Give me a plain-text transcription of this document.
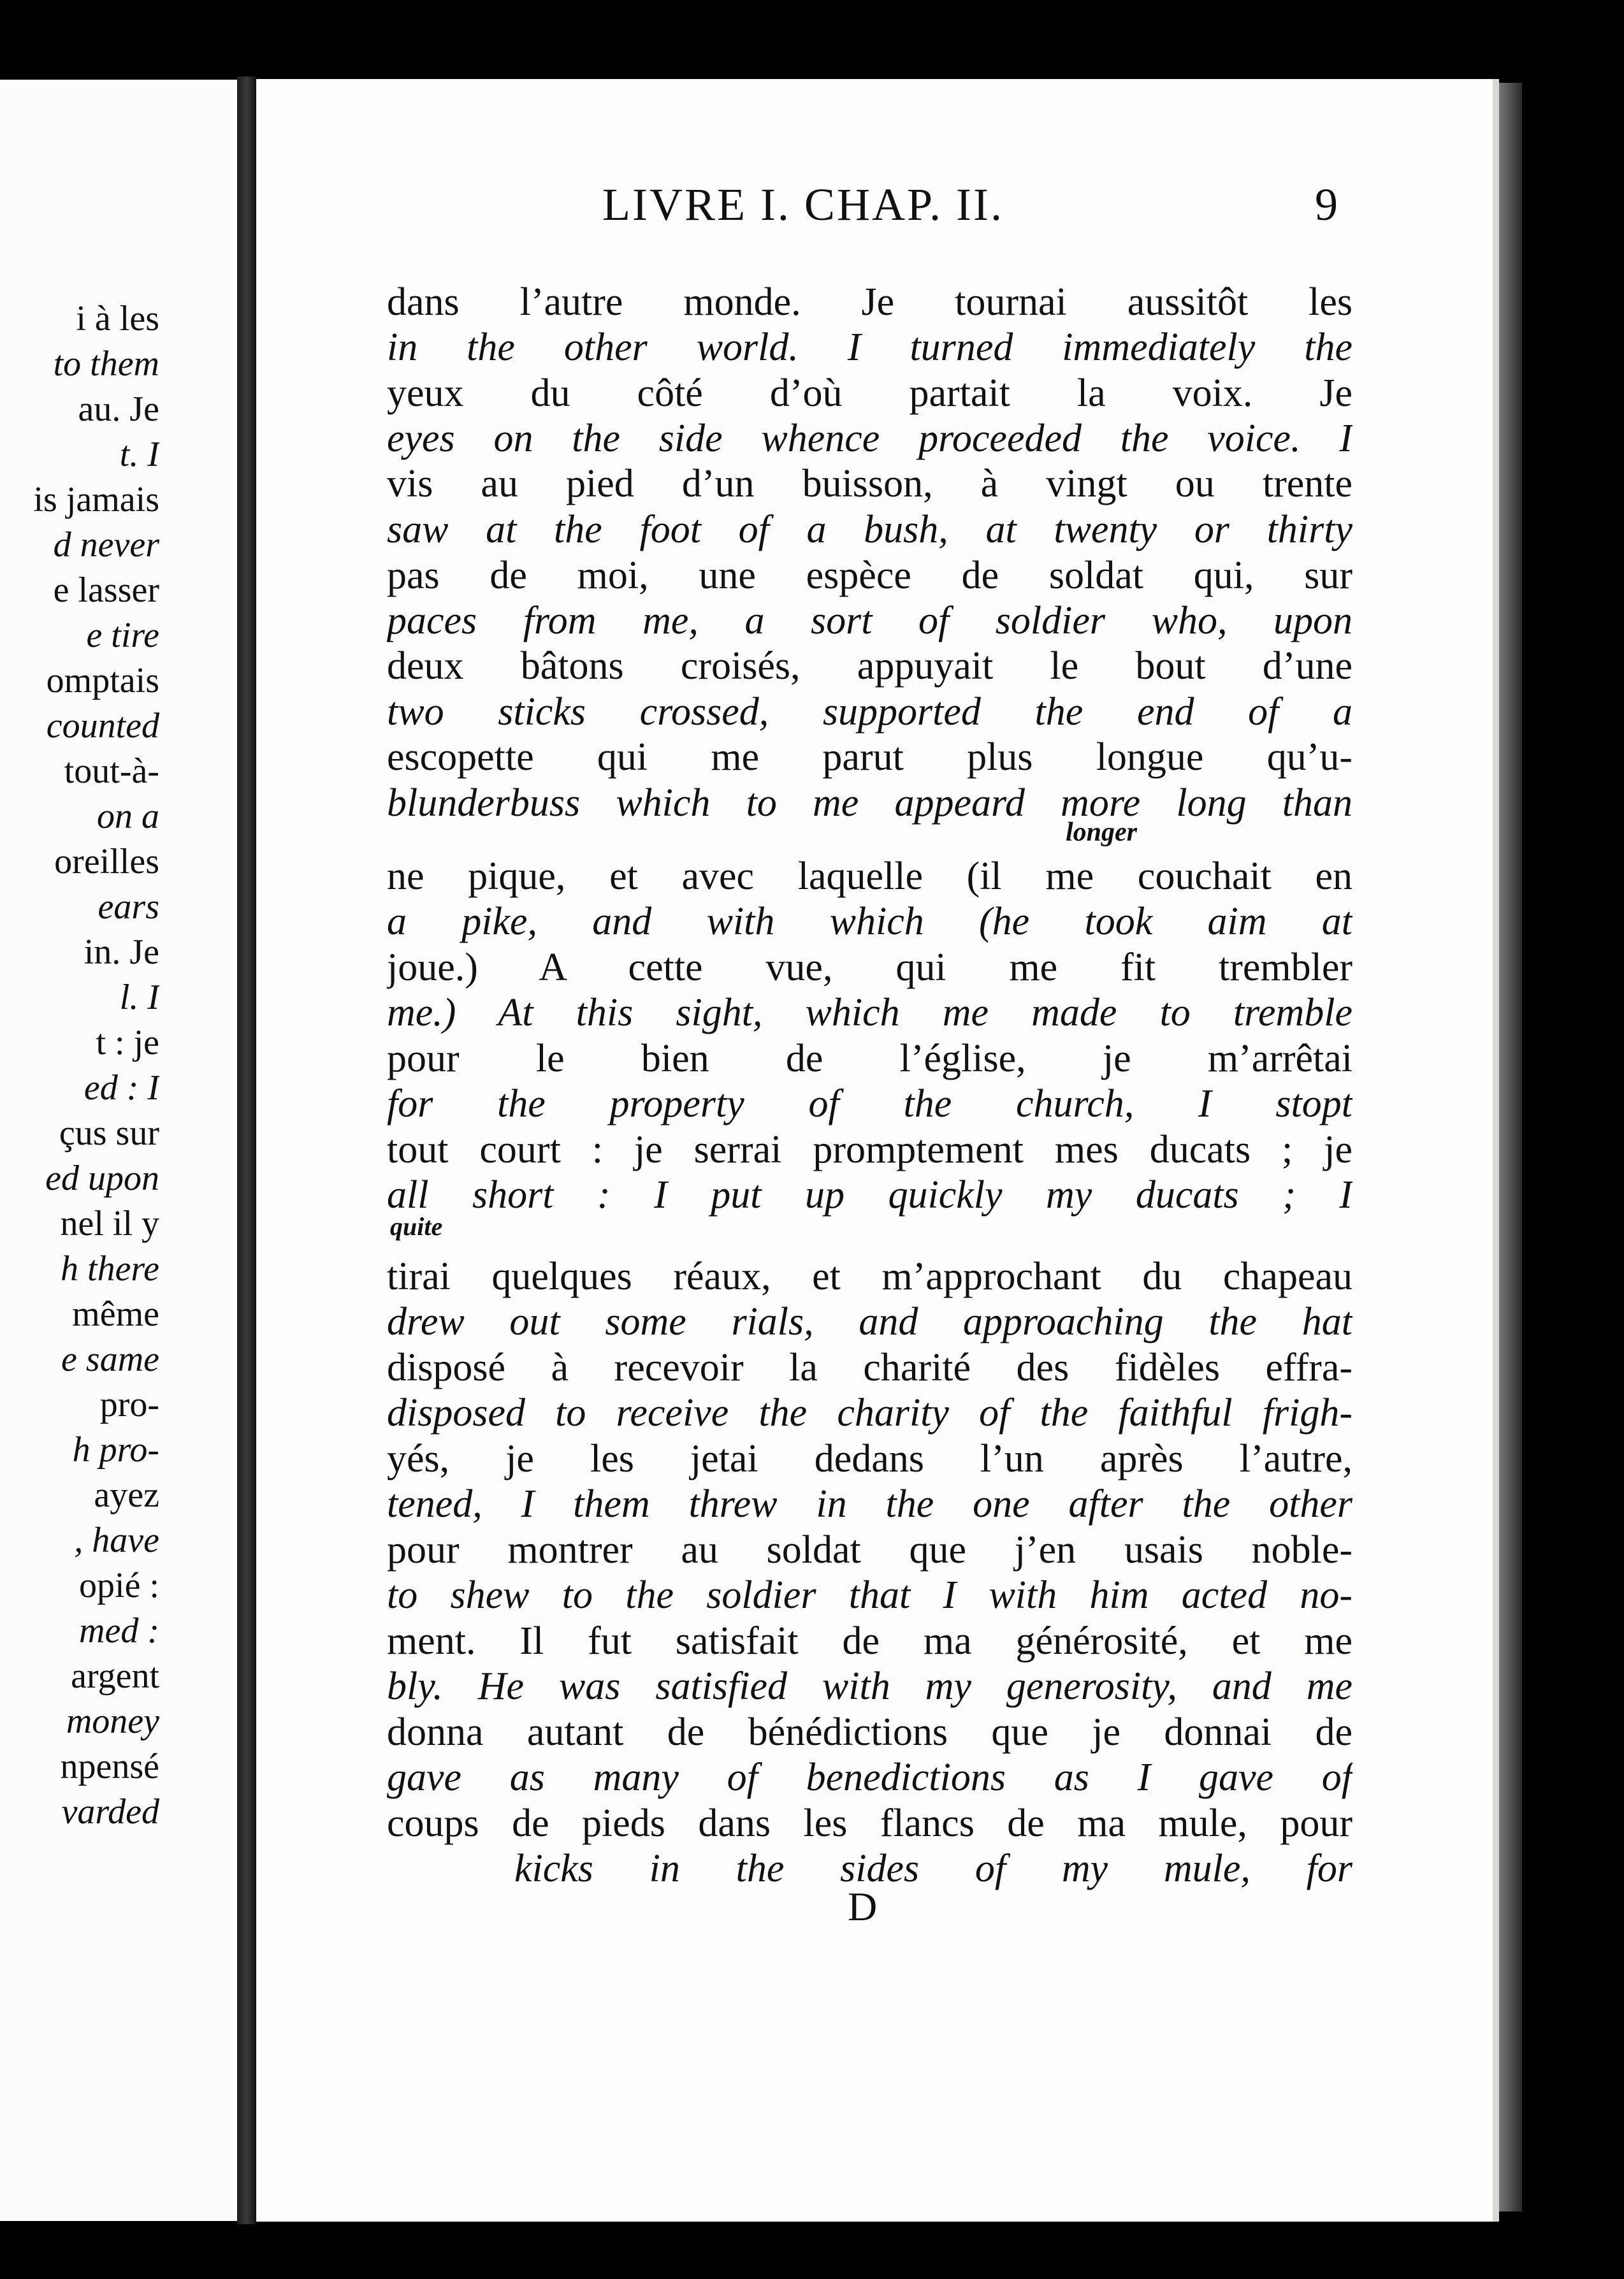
i à les
to them
au. Je
t. I
is jamais
d never
e lasser
e tire
omptais
counted
tout-à-
on a
oreilles
ears
in. Je
l. I
t : je
ed : I
çus sur
ed upon
nel il y
h there
même
e same
pro-
h pro-
ayez
, have
opié :
med :
argent
money
npensé
varded
LIVRE I. CHAP. II.	9
dans l’autre monde. Je tournai aussitôt les
in the other world. I turned immediately the
yeux du côté d’où partait la voix. Je
eyes on the side whence proceeded the voice. I
vis au pied d’un buisson, à vingt ou trente
saw at the foot of a bush, at twenty or thirty
pas de moi, une espèce de soldat qui, sur
paces from me, a sort of soldier who, upon
deux bâtons croisés, appuyait le bout d’une
two sticks crossed, supported the end of a
escopette qui me parut plus longue qu’u-
blunderbuss which to me appeard more long than
ne pique, et avec laquelle (il me couchait en
a pike, and with which (he took aim at
joue.) A cette vue, qui me fit trembler
me.) At this sight, which me made to tremble
pour le bien de l’église, je m’arrêtai
for the property of the church, I stopt
tout court : je serrai promptement mes ducats ; je
all short : I put up quickly my ducats ; I
tirai quelques réaux, et m’approchant du chapeau
drew out some rials, and approaching the hat
disposé à recevoir la charité des fidèles effra-
disposed to receive the charity of the faithful frigh-
yés, je les jetai dedans l’un après l’autre,
tened, I them threw in the one after the other
pour montrer au soldat que j’en usais noble-
to shew to the soldier that I with him acted no-
ment. Il fut satisfait de ma générosité, et me
bly. He was satisfied with my generosity, and me
donna autant de bénédictions que je donnai de
gave as many of benedictions as I gave of
coups de pieds dans les flancs de ma mule, pour
kicks in the sides of my mule, for
longer
quite
D
